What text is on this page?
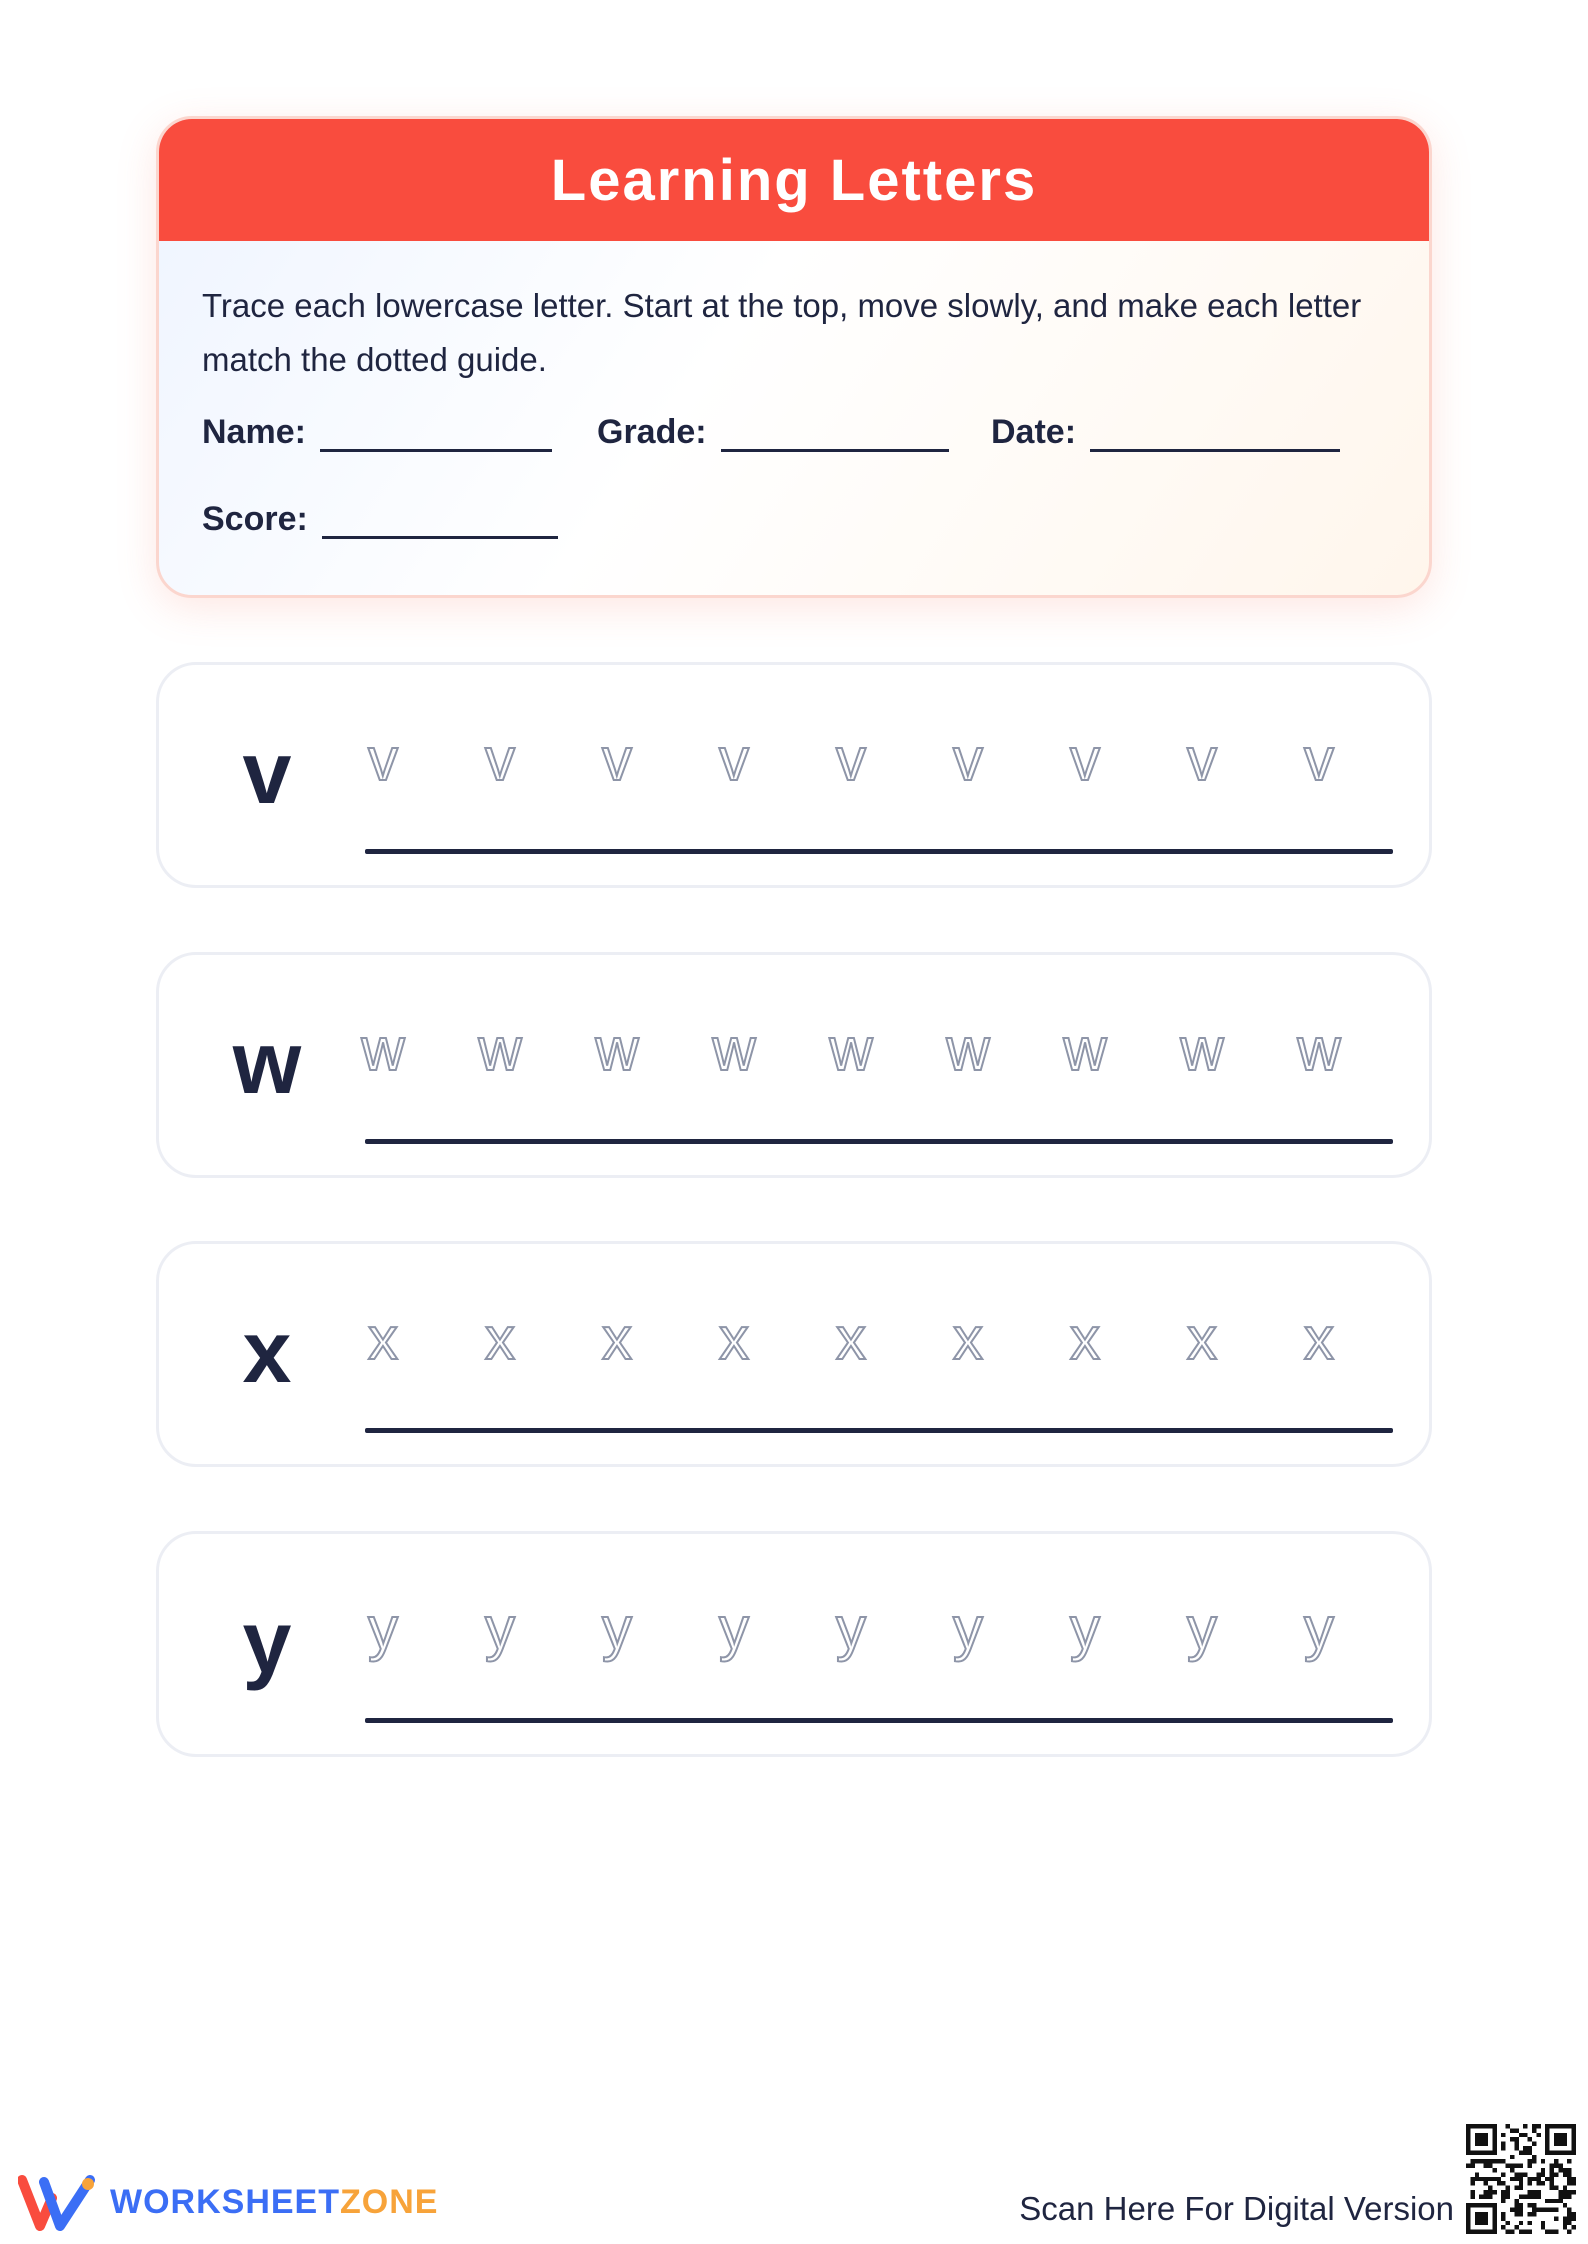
Learning Letters
Trace each lowercase letter. Start at the top, move slowly, and make each letter match the dotted guide.
Name:	Grade:	Date:
Score:
v	v	v	v	v	v	v	v	v	v
w w w w w w w w w w
x	x	x	x	x	x	x	x	x	x
y	y	y	y	y	y	y	y	y	y
WORKSHEETZONE	Scan Here For Digital Version
